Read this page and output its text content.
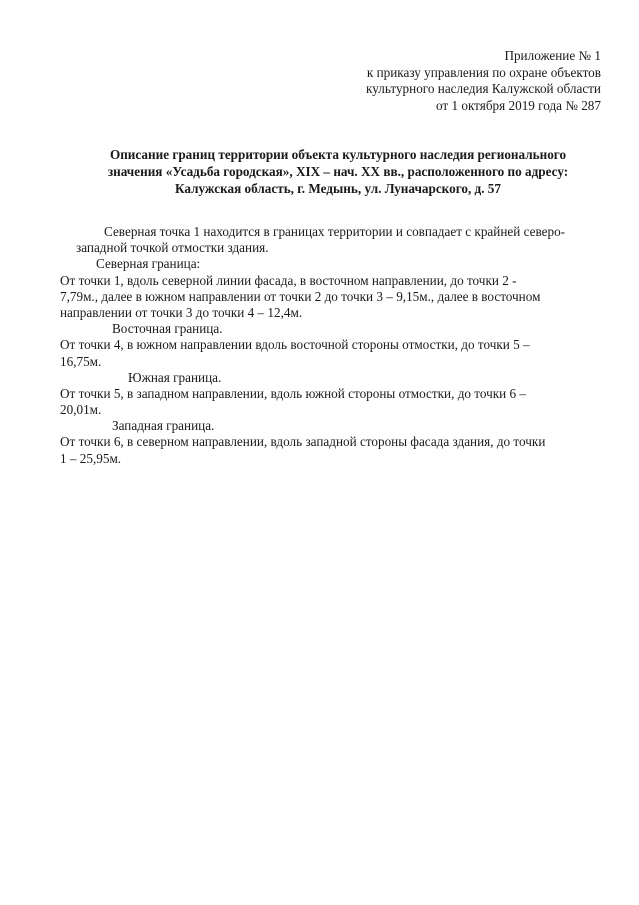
Приложение № 1
к приказу управления по охране объектов
культурного наследия Калужской области
от 1 октября 2019 года № 287
Описание границ территории объекта культурного наследия регионального
значения «Усадьба городская», XIX – нач. XX вв., расположенного по адресу:
Калужская область, г. Медынь, ул. Луначарского, д. 57
Северная точка 1 находится в границах территории и совпадает с крайней северо-
западной точкой отмостки здания.
Северная граница:
От точки 1, вдоль северной линии фасада, в восточном направлении, до точки 2 -
7,79м., далее в южном направлении от точки 2 до точки 3 – 9,15м., далее в восточном
направлении от точки 3 до точки 4 – 12,4м.
Восточная граница.
От точки 4, в южном направлении вдоль восточной стороны отмостки, до точки 5 –
16,75м.
Южная граница.
От точки 5, в западном направлении, вдоль южной стороны отмостки, до точки 6 –
20,01м.
Западная граница.
От точки 6, в северном направлении, вдоль западной стороны фасада здания, до точки
1 – 25,95м.
